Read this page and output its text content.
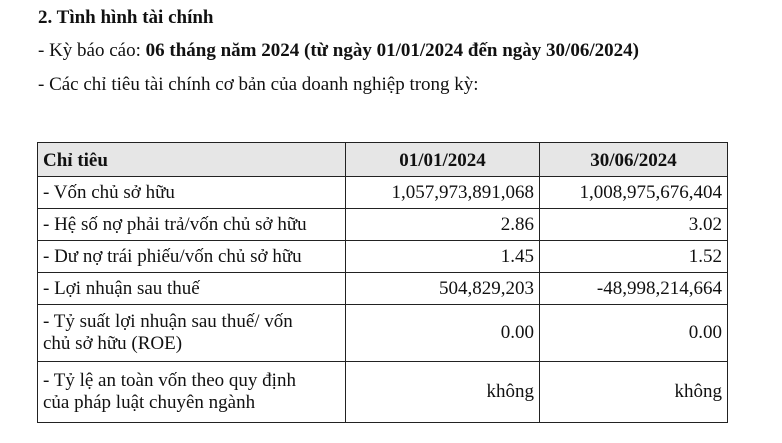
2. Tình hình tài chính
- Kỳ báo cáo: 06 tháng năm 2024 (từ ngày 01/01/2024 đến ngày 30/06/2024)
- Các chỉ tiêu tài chính cơ bản của doanh nghiệp trong kỳ:
Chỉ tiêu	01/01/2024	30/06/2024
- Vốn chủ sở hữu	1,057,973,891,068	1,008,975,676,404
- Hệ số nợ phải trả/vốn chủ sở hữu	2.86	3.02
- Dư nợ trái phiếu/vốn chủ sở hữu	1.45	1.52
- Lợi nhuận sau thuế	504,829,203	-48,998,214,664

- Tỷ suất lợi nhuận sau thuế/ vốn
chủ sở hữu (ROE)	0.00	0.00

- Tỷ lệ an toàn vốn theo quy định
của pháp luật chuyên ngành	không	không
